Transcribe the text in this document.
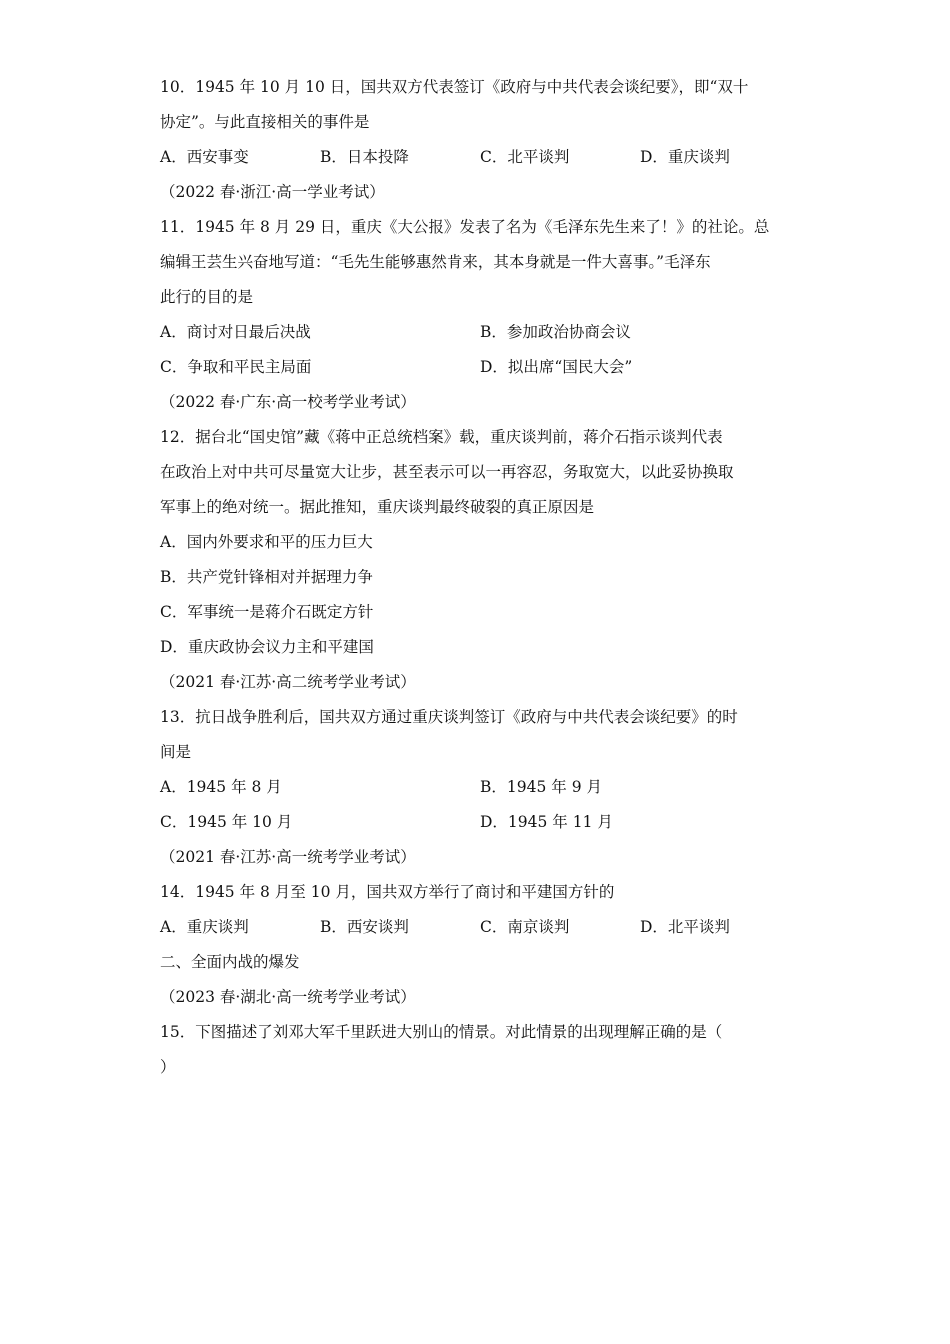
10．1945 年 10 月 10 日，国共双方代表签订《政府与中共代表会谈纪要》，即“双十
协定”。与此直接相关的事件是
A．西安事变	B．日本投降	C．北平谈判	D．重庆谈判
（2022 春·浙江·高一学业考试）
11．1945 年 8 月 29 日，重庆《大公报》发表了名为《毛泽东先生来了！》的社论。总
编辑王芸生兴奋地写道：“毛先生能够惠然肯来，其本身就是一件大喜事。”毛泽东
此行的目的是
A．商讨对日最后决战	B．参加政治协商会议
C．争取和平民主局面	D．拟出席“国民大会”
（2022 春·广东·高一校考学业考试）
12．据台北“国史馆”藏《蒋中正总统档案》载，重庆谈判前，蒋介石指示谈判代表
在政治上对中共可尽量宽大让步，甚至表示可以一再容忍，务取宽大，以此妥协换取
军事上的绝对统一。据此推知，重庆谈判最终破裂的真正原因是
A．国内外要求和平的压力巨大
B．共产党针锋相对并据理力争
C．军事统一是蒋介石既定方针
D．重庆政协会议力主和平建国
（2021 春·江苏·高二统考学业考试）
13．抗日战争胜利后，国共双方通过重庆谈判签订《政府与中共代表会谈纪要》的时
间是
A．1945 年 8 月	B．1945 年 9 月
C．1945 年 10 月	D．1945 年 11 月
（2021 春·江苏·高一统考学业考试）
14．1945 年 8 月至 10 月，国共双方举行了商讨和平建国方针的
A．重庆谈判	B．西安谈判	C．南京谈判	D．北平谈判
二、全面内战的爆发
（2023 春·湖北·高一统考学业考试）
15．下图描述了刘邓大军千里跃进大别山的情景。对此情景的出现理解正确的是（
）
